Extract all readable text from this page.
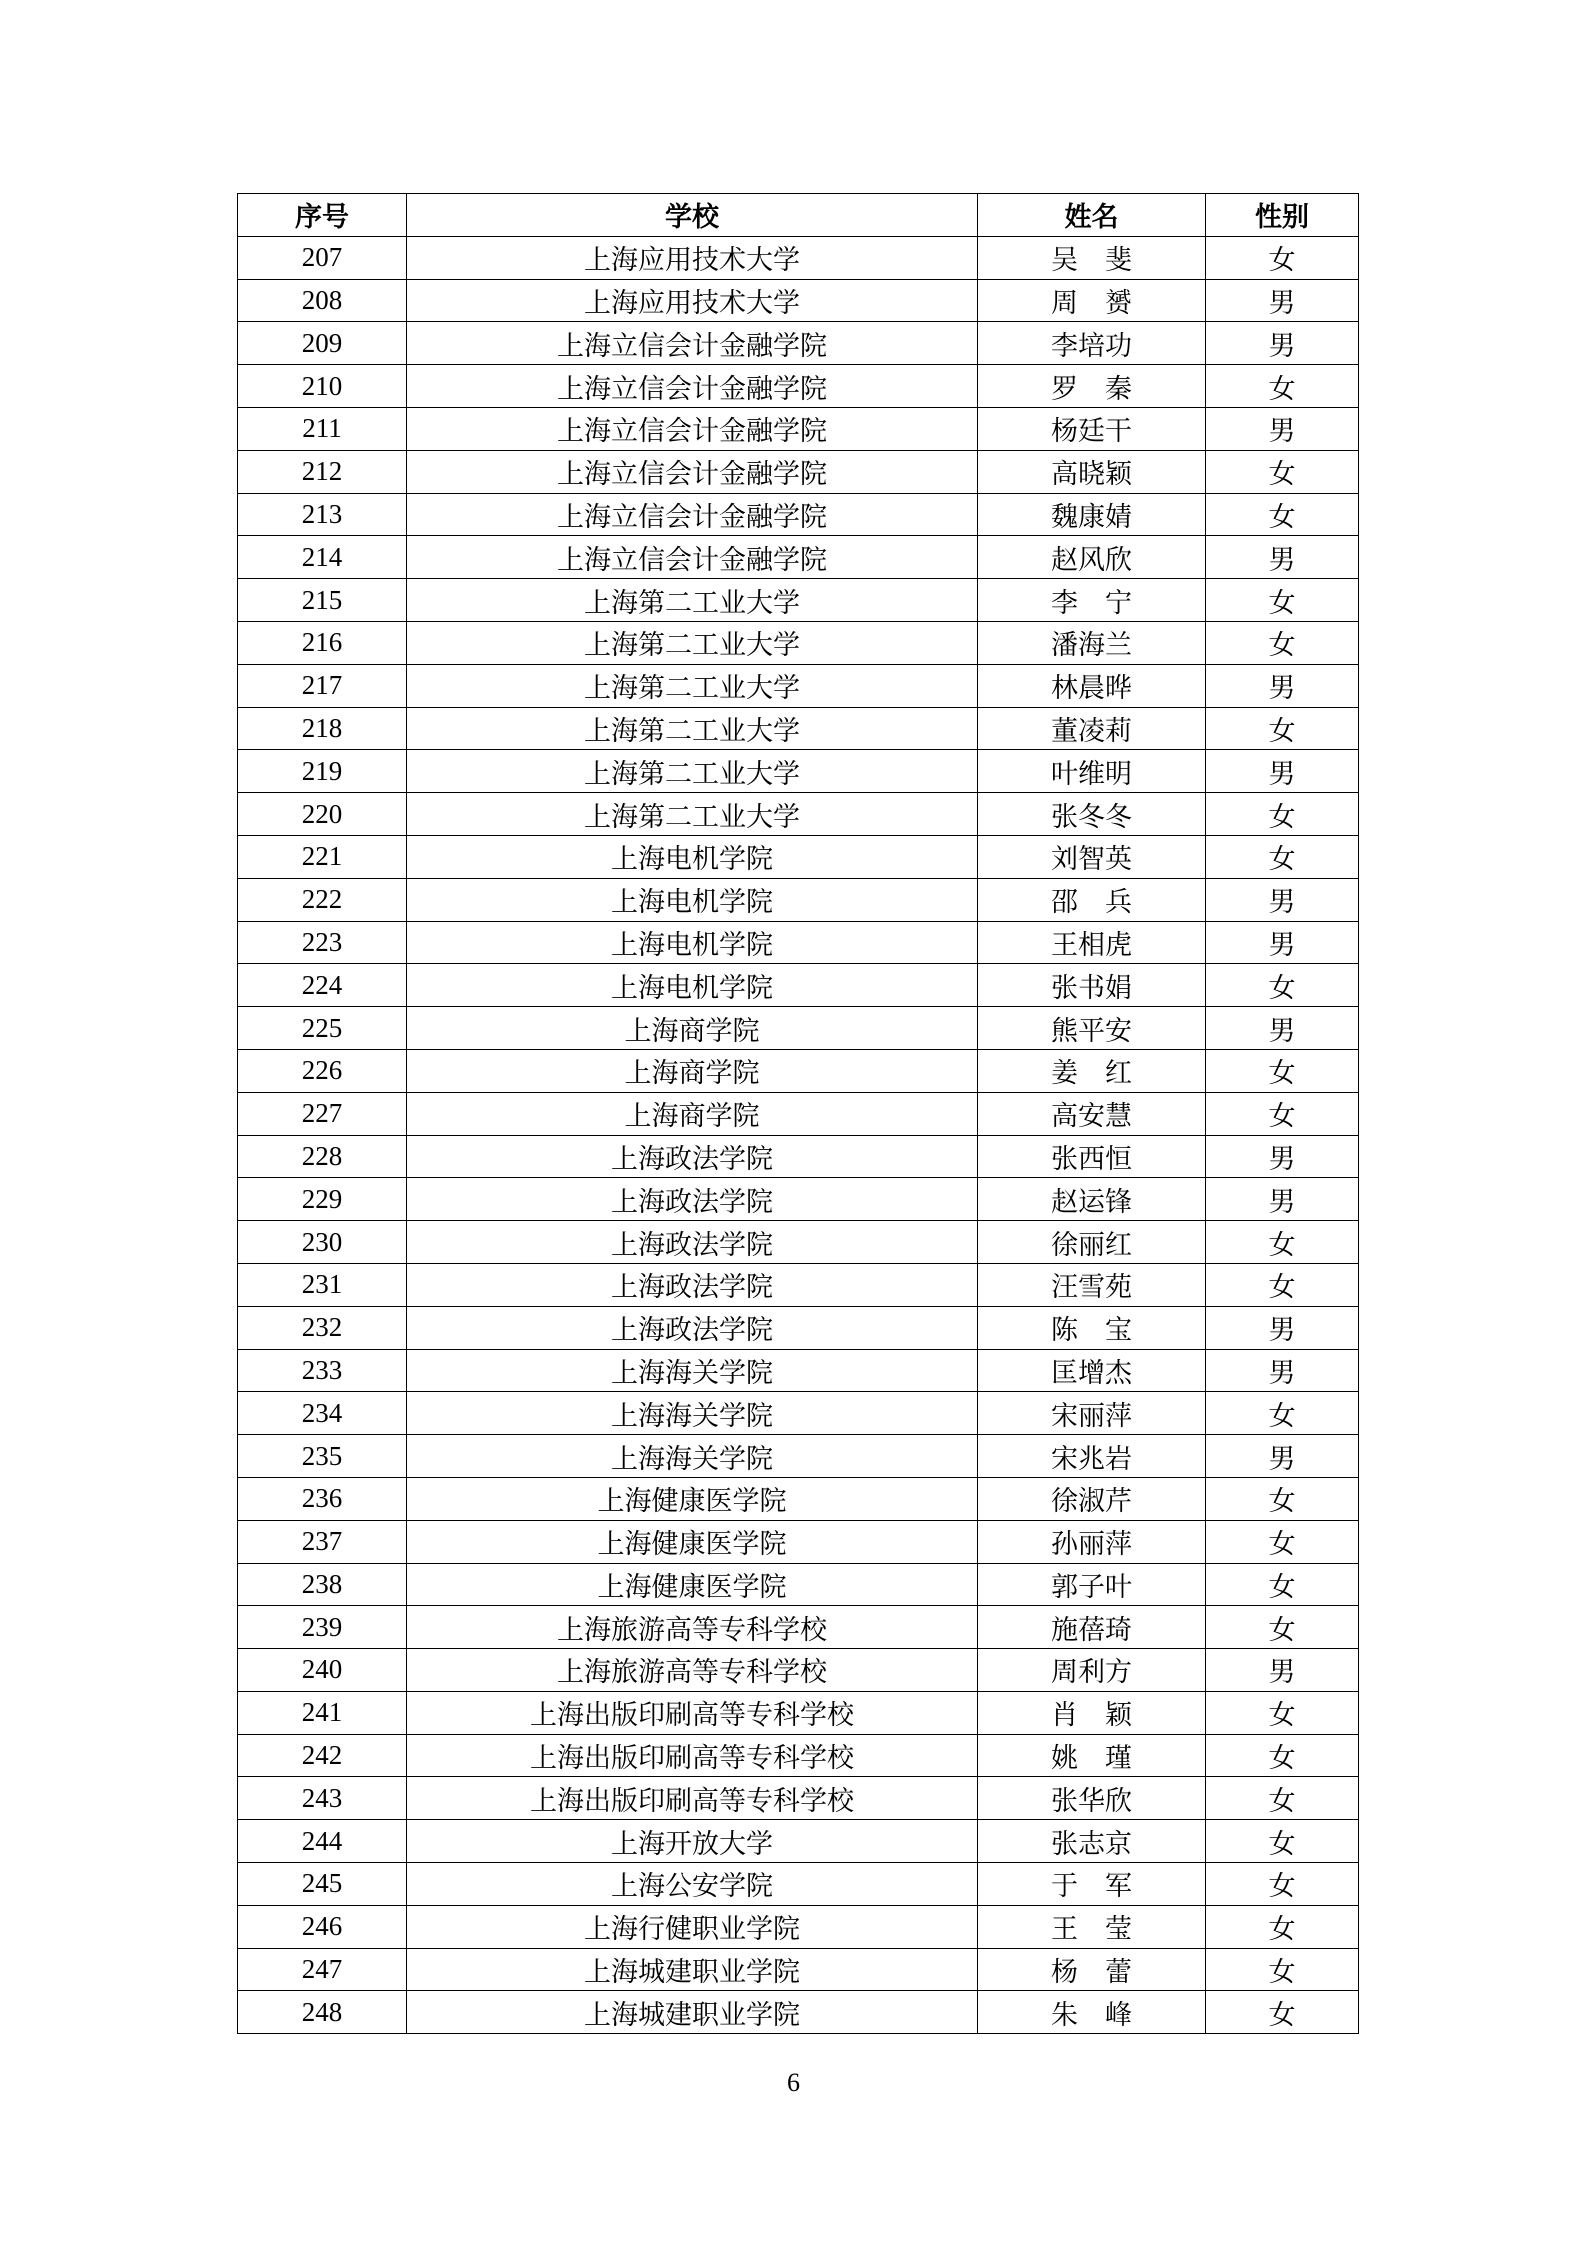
序号	学校	姓名	性别
207	上海应用技术大学	吴　斐	女
208	上海应用技术大学	周　赟	男
209	上海立信会计金融学院	李培功	男
210	上海立信会计金融学院	罗　秦	女
211	上海立信会计金融学院	杨廷干	男
212	上海立信会计金融学院	高晓颖	女
213	上海立信会计金融学院	魏康婧	女
214	上海立信会计金融学院	赵风欣	男
215	上海第二工业大学	李　宁	女
216	上海第二工业大学	潘海兰	女
217	上海第二工业大学	林晨晔	男
218	上海第二工业大学	董凌莉	女
219	上海第二工业大学	叶维明	男
220	上海第二工业大学	张冬冬	女
221	上海电机学院	刘智英	女
222	上海电机学院	邵　兵	男
223	上海电机学院	王相虎	男
224	上海电机学院	张书娟	女
225	上海商学院	熊平安	男
226	上海商学院	姜　红	女
227	上海商学院	高安慧	女
228	上海政法学院	张西恒	男
229	上海政法学院	赵运锋	男
230	上海政法学院	徐丽红	女
231	上海政法学院	汪雪苑	女
232	上海政法学院	陈　宝	男
233	上海海关学院	匡增杰	男
234	上海海关学院	宋丽萍	女
235	上海海关学院	宋兆岩	男
236	上海健康医学院	徐淑芹	女
237	上海健康医学院	孙丽萍	女
238	上海健康医学院	郭子叶	女
239	上海旅游高等专科学校	施蓓琦	女
240	上海旅游高等专科学校	周利方	男
241	上海出版印刷高等专科学校	肖　颖	女
242	上海出版印刷高等专科学校	姚　瑾	女
243	上海出版印刷高等专科学校	张华欣	女
244	上海开放大学	张志京	女
245	上海公安学院	于　军	女
246	上海行健职业学院	王　莹	女
247	上海城建职业学院	杨　蕾	女
248	上海城建职业学院	朱　峰	女
6
